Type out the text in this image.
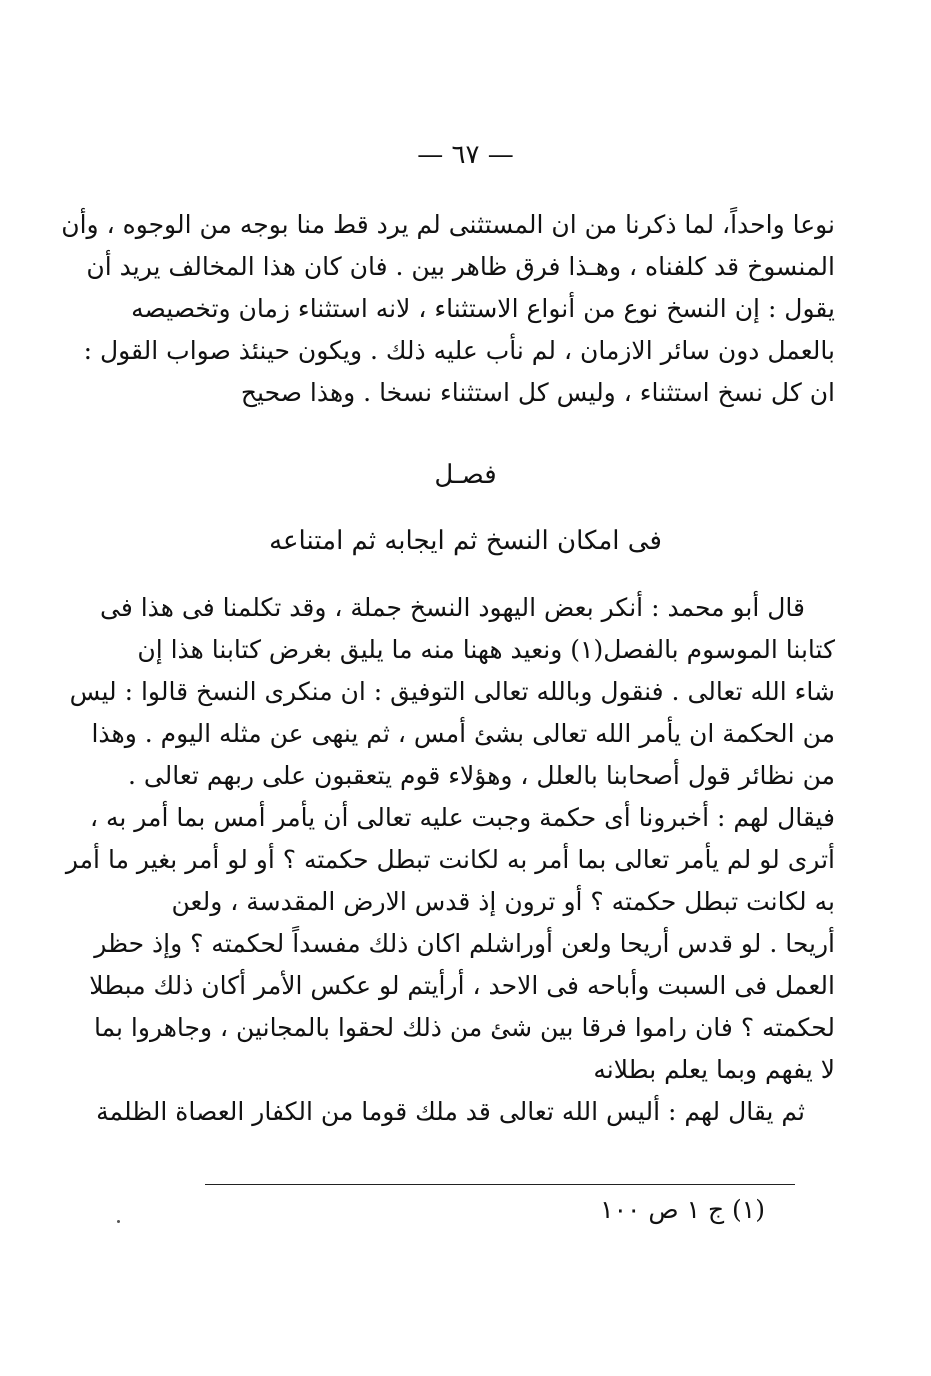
— ٦٧ —
نوعا واحداً، لما ذكرنا من ان المستثنى لم يرد قط منا بوجه من الوجوه ، وأن
المنسوخ قد كلفناه ، وهـذا فرق ظاهر بين . فان كان هذا المخالف يريد أن
يقول : إن النسخ نوع من أنواع الاستثناء ، لانه استثناء زمان وتخصيصه
بالعمل دون سائر الازمان ، لم نأب عليه ذلك . ويكون حينئذ صواب القول :
ان كل نسخ استثناء ، وليس كل استثناء نسخا . وهذا صحيح
فصـل
فى امكان النسخ ثم ايجابه ثم امتناعه
قال أبو محمد : أنكر بعض اليهود النسخ جملة ، وقد تكلمنا فى هذا فى
كتابنا الموسوم بالفصل(١) ونعيد ههنا منه ما يليق بغرض كتابنا هذا إن
شاء الله تعالى . فنقول وبالله تعالى التوفيق : ان منكرى النسخ قالوا : ليس
من الحكمة ان يأمر الله تعالى بشئ أمس ، ثم ينهى عن مثله اليوم . وهذا
من نظائر قول أصحابنا بالعلل ، وهؤلاء قوم يتعقبون على ربهم تعالى .
فيقال لهم : أخبرونا أى حكمة وجبت عليه تعالى أن يأمر أمس بما أمر به ،
أترى لو لم يأمر تعالى بما أمر به لكانت تبطل حكمته ؟ أو لو أمر بغير ما أمر
به لكانت تبطل حكمته ؟ أو ترون إذ قدس الارض المقدسة ، ولعن
أريحا . لو قدس أريحا ولعن أوراشلم اكان ذلك مفسداً لحكمته ؟ وإذ حظر
العمل فى السبت وأباحه فى الاحد ، أرأيتم لو عكس الأمر أكان ذلك مبطلا
لحكمته ؟ فان راموا فرقا بين شئ من ذلك لحقوا بالمجانين ، وجاهروا بما
لا يفهم وبما يعلم بطلانه
ثم يقال لهم : أليس الله تعالى قد ملك قوما من الكفار العصاة الظلمة
(١) ج ١ ص ١٠٠
